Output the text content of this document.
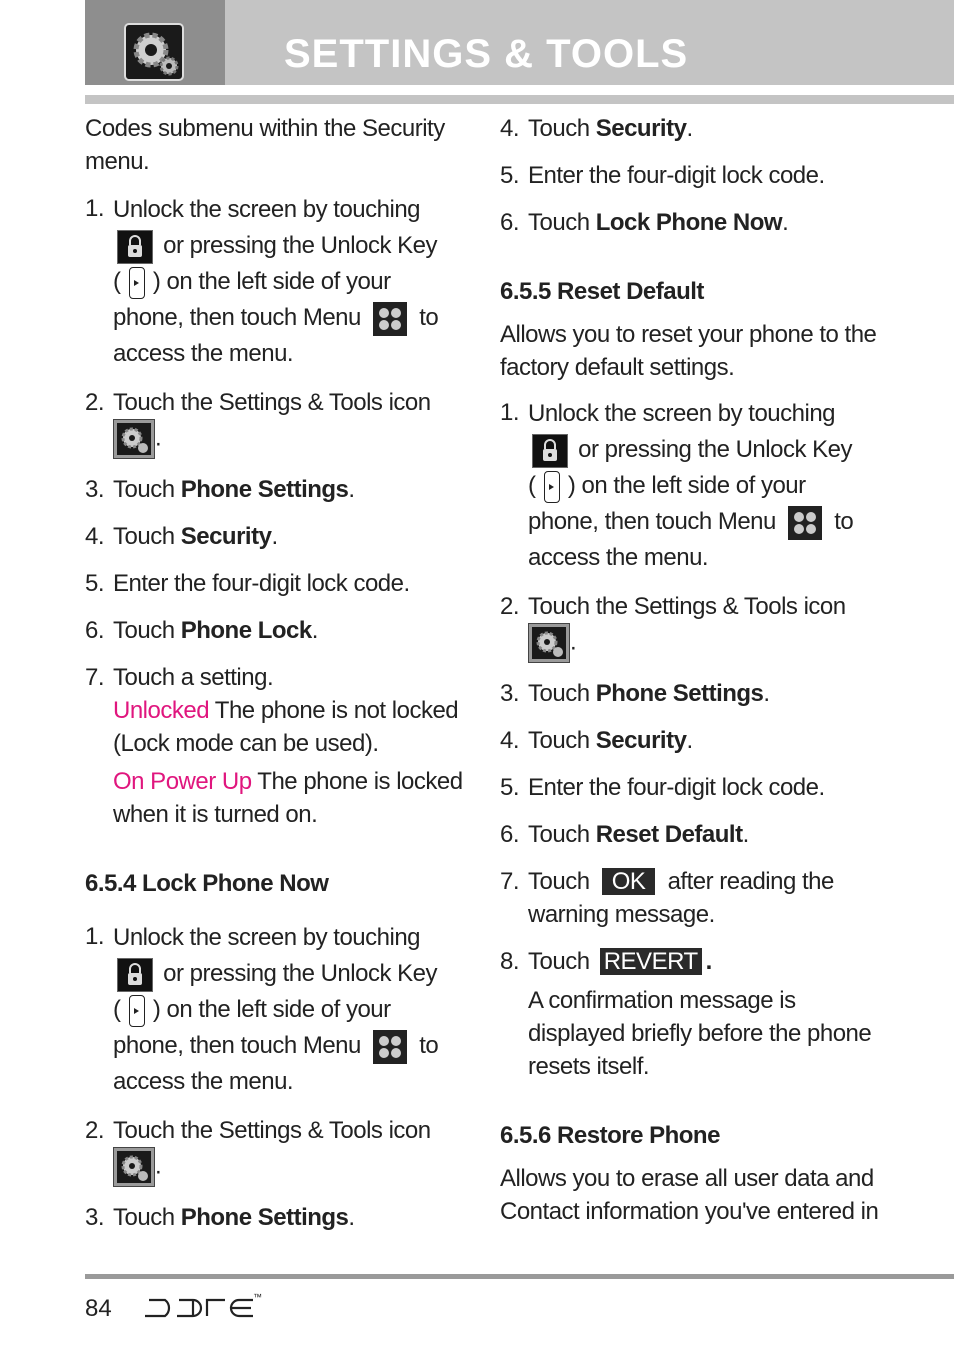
SETTINGS & TOOLS

Codes submenu within the Security menu.

1. Unlock the screen by touching

or pressing the Unlock Key
( ) on the left side of your
phone, then touch Menu to
access the menu.
2. Touch the Settings & Tools icon

.
3. Touch Phone Settings.
4. Touch Security.
5. Enter the four-digit lock code.
6. Touch Phone Lock.
7. Touch a setting.

Unlocked The phone is not locked (Lock mode can be used).

On Power Up The phone is locked when it is turned on.

6.5.4 Lock Phone Now
1. Unlock the screen by touching

or pressing the Unlock Key
( ) on the left side of your
phone, then touch Menu to
access the menu.
2. Touch the Settings & Tools icon

.
3. Touch Phone Settings.
4. Touch Security.
5. Enter the four-digit lock code.
6. Touch Lock Phone Now.
6.5.5 Reset Default

Allows you to reset your phone to the factory default settings.

1. Unlock the screen by touching

or pressing the Unlock Key
( ) on the left side of your
phone, then touch Menu to
access the menu.
2. Touch the Settings & Tools icon

.
3. Touch Phone Settings.
4. Touch Security.
5. Enter the four-digit lock code.
6. Touch Reset Default.
7. Touch OK after reading the warning message.
8. Touch REVERT .

A confirmation message is displayed briefly before the phone resets itself.

6.5.6 Restore Phone

Allows you to erase all user data and Contact information you've entered in

84	™
